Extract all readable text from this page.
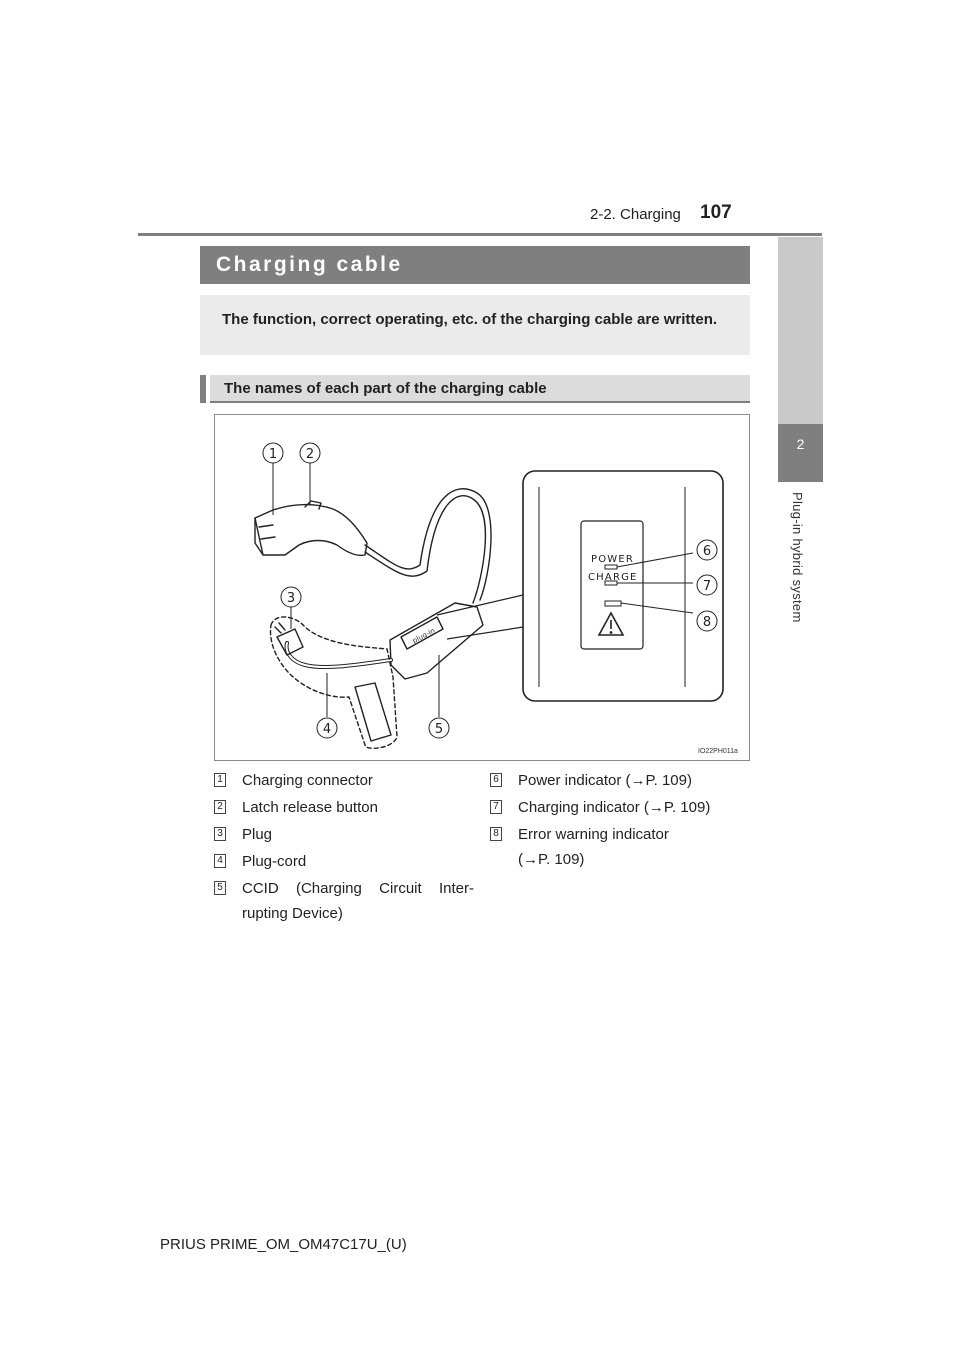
2-2. Charging 107
2
Plug-in hybrid system
Charging cable

The function, correct operating, etc. of the charging cable are written.

The names of each part of the charging cable
plug-in
POWER
CHARGE
1 2
3
4	5
6
7
8
IO22PH011a
1 Charging connector
2 Latch release button
3 Plug
4 Plug-cord
5 CCID (Charging Circuit Inter-
rupting Device)
6 Power indicator (→P. 109)
7 Charging indicator (→P. 109)
8 Error warning indicator
(→P. 109)
PRIUS PRIME_OM_OM47C17U_(U)
